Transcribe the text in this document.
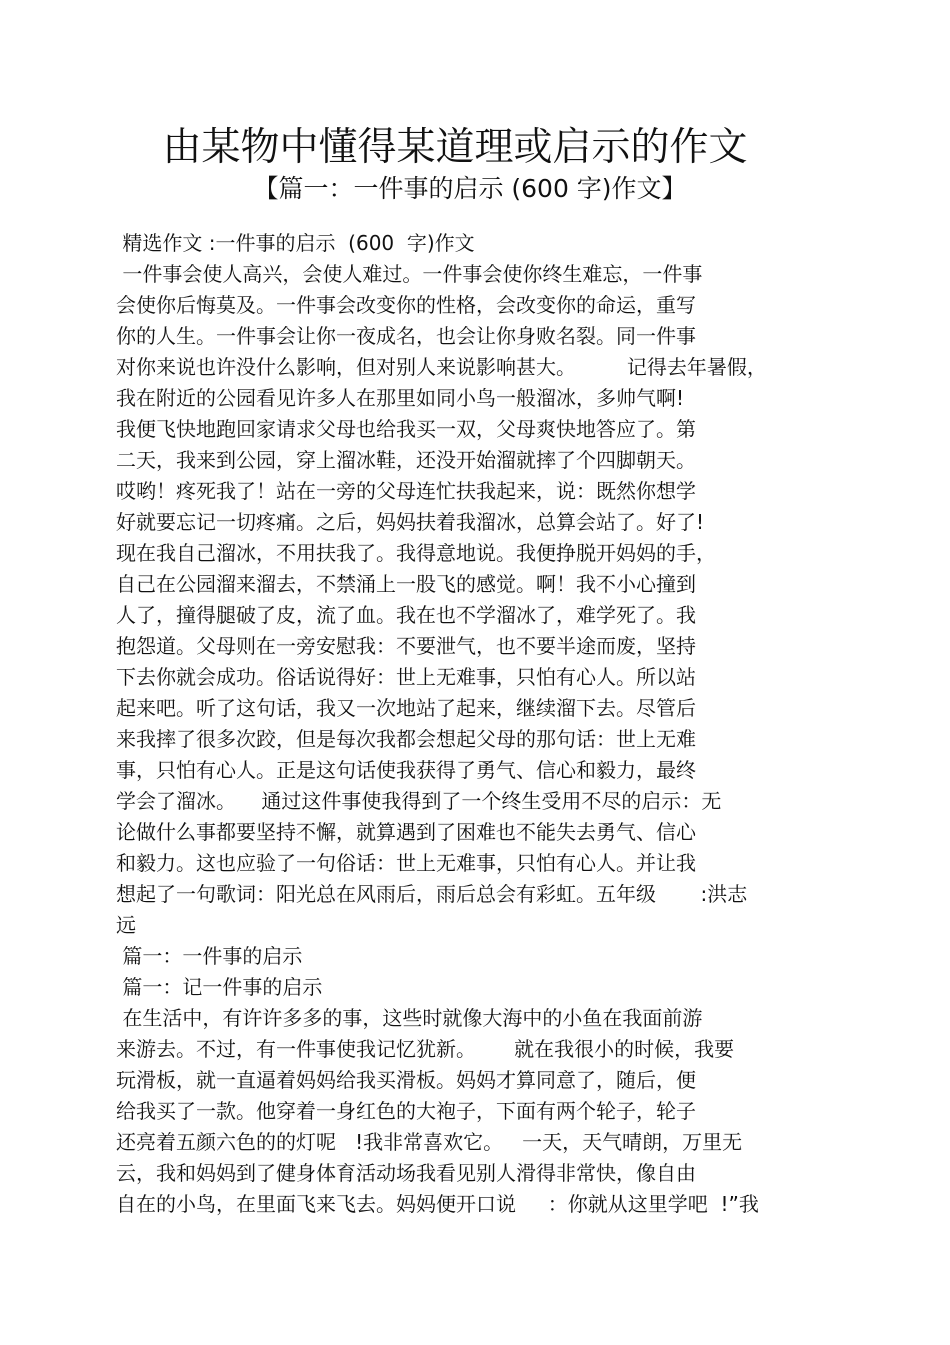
由某物中懂得某道理或启示的作文
【篇一：一件事的启示 (600 字)作文】
精选作文 :一件事的启示  (600  字)作文
一件事会使人高兴，会使人难过。一件事会使你终生难忘，一件事
会使你后悔莫及。一件事会改变你的性格，会改变你的命运，重写
你的人生。一件事会让你一夜成名，也会让你身败名裂。同一件事
对你来说也许没什么影响，但对别人来说影响甚大。        记得去年暑假，
我在附近的公园看见许多人在那里如同小鸟一般溜冰，多帅气啊!
我便飞快地跑回家请求父母也给我买一双，父母爽快地答应了。第
二天，我来到公园，穿上溜冰鞋，还没开始溜就摔了个四脚朝天。
哎哟！疼死我了！站在一旁的父母连忙扶我起来，说：既然你想学
好就要忘记一切疼痛。之后，妈妈扶着我溜冰，总算会站了。好了!
现在我自己溜冰，不用扶我了。我得意地说。我便挣脱开妈妈的手，
自己在公园溜来溜去，不禁涌上一股飞的感觉。啊！我不小心撞到
人了，撞得腿破了皮，流了血。我在也不学溜冰了，难学死了。我
抱怨道。父母则在一旁安慰我：不要泄气，也不要半途而废，坚持
下去你就会成功。俗话说得好：世上无难事，只怕有心人。所以站
起来吧。听了这句话，我又一次地站了起来，继续溜下去。尽管后
来我摔了很多次跤，但是每次我都会想起父母的那句话：世上无难
事，只怕有心人。正是这句话使我获得了勇气、信心和毅力，最终
学会了溜冰。    通过这件事使我得到了一个终生受用不尽的启示：无
论做什么事都要坚持不懈，就算遇到了困难也不能失去勇气、信心
和毅力。这也应验了一句俗话：世上无难事，只怕有心人。并让我
想起了一句歌词：阳光总在风雨后，雨后总会有彩虹。五年级       :洪志
远
篇一：一件事的启示
篇一：记一件事的启示
在生活中，有许许多多的事，这些时就像大海中的小鱼在我面前游
来游去。不过，有一件事使我记忆犹新。      就在我很小的时候，我要
玩滑板，就一直逼着妈妈给我买滑板。妈妈才算同意了，随后，便
给我买了一款。他穿着一身红色的大袍子，下面有两个轮子，轮子
还亮着五颜六色的的灯呢   !我非常喜欢它。   一天，天气晴朗，万里无
云，我和妈妈到了健身体育活动场我看见别人滑得非常快，像自由
自在的小鸟，在里面飞来飞去。妈妈便开口说     ：你就从这里学吧  !”我
